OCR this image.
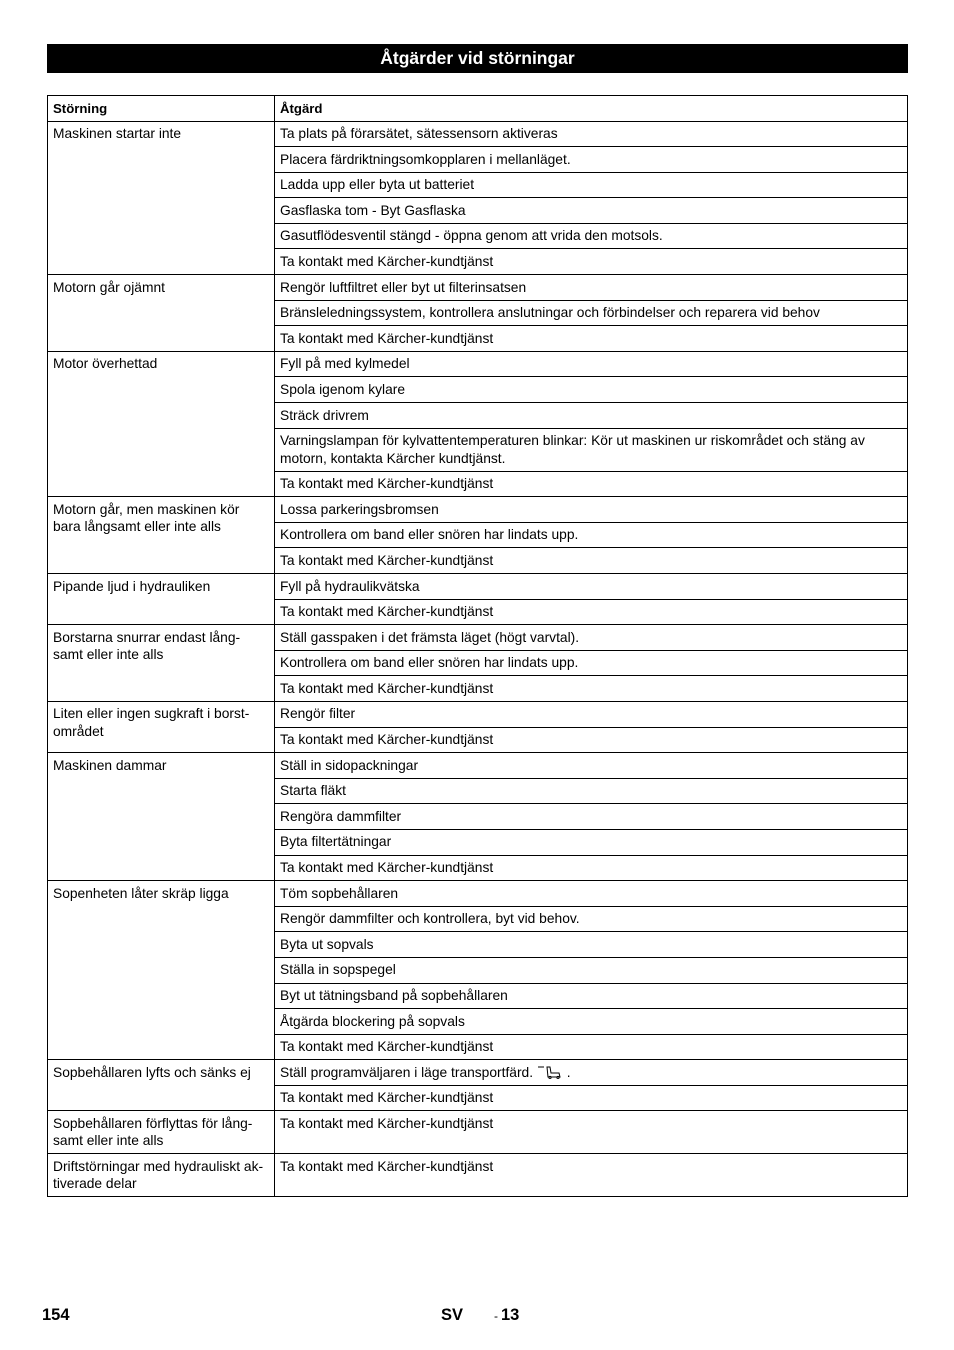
Åtgärder vid störningar
Störning	Åtgärd
Maskinen startar inte	Ta plats på förarsätet, sätessensorn aktiveras
	Placera färdriktningsomkopplaren i mellanläget.
	Ladda upp eller byta ut batteriet
	Gasflaska tom - Byt Gasflaska
	Gasutflödesventil stängd - öppna genom att vrida den motsols.
	Ta kontakt med Kärcher-kundtjänst
Motorn går ojämnt	Rengör luftfiltret eller byt ut filterinsatsen
	Bränsleledningssystem, kontrollera anslutningar och förbindelser och reparera vid behov
	Ta kontakt med Kärcher-kundtjänst
Motor överhettad	Fyll på med kylmedel
	Spola igenom kylare
	Sträck drivrem
	Varningslampan för kylvattentemperaturen blinkar: Kör ut maskinen ur riskområdet och stäng av motorn, kontakta Kärcher kundtjänst.
	Ta kontakt med Kärcher-kundtjänst
Motorn går, men maskinen kör bara långsamt eller inte alls	Lossa parkeringsbromsen
	Kontrollera om band eller snören har lindats upp.
	Ta kontakt med Kärcher-kundtjänst
Pipande ljud i hydrauliken	Fyll på hydraulikvätska
	Ta kontakt med Kärcher-kundtjänst
Borstarna snurrar endast lång-samt eller inte alls	Ställ gasspaken i det främsta läget (högt varvtal).
	Kontrollera om band eller snören har lindats upp.
	Ta kontakt med Kärcher-kundtjänst
Liten eller ingen sugkraft i borst-området	Rengör filter
	Ta kontakt med Kärcher-kundtjänst
Maskinen dammar	Ställ in sidopackningar
	Starta fläkt
	Rengöra dammfilter
	Byta filtertätningar
	Ta kontakt med Kärcher-kundtjänst
Sopenheten låter skräp ligga	Töm sopbehållaren
	Rengör dammfilter och kontrollera, byt vid behov.
	Byta ut sopvals
	Ställa in sopspegel
	Byt ut tätningsband på sopbehållaren
	Åtgärda blockering på sopvals
	Ta kontakt med Kärcher-kundtjänst
Sopbehållaren lyfts och sänks ej	Ställ programväljaren i läge transportfärd. .
	Ta kontakt med Kärcher-kundtjänst
Sopbehållaren förflyttas för lång-samt eller inte alls	Ta kontakt med Kärcher-kundtjänst
Driftstörningar med hydrauliskt ak-tiverade delar	Ta kontakt med Kärcher-kundtjänst
154	SV	- 13
